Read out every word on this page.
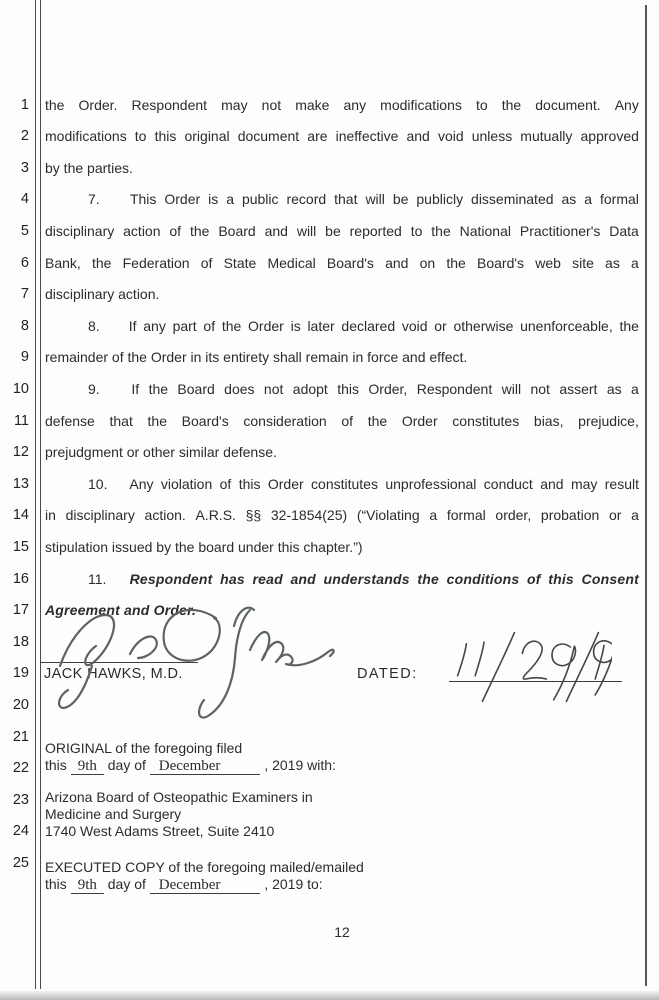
1
2
3
4
5
6
7
8
9
10
11
12
13
14
15
16
17
18
19
20
21
22
23
24
25
the Order. Respondent may not make any modifications to the document. Any
modifications to this original document are ineffective and void unless mutually approved
by the parties.
7.	This Order is a public record that will be publicly disseminated as a formal
disciplinary action of the Board and will be reported to the National Practitioner's Data
Bank, the Federation of State Medical Board's and on the Board's web site as a
disciplinary action.
8.	If any part of the Order is later declared void or otherwise unenforceable, the
remainder of the Order in its entirety shall remain in force and effect.
9.	If the Board does not adopt this Order, Respondent will not assert as a
defense that the Board's consideration of the Order constitutes bias, prejudice,
prejudgment or other similar defense.
10.	Any violation of this Order constitutes unprofessional conduct and may result
in disciplinary action. A.R.S. §§ 32-1854(25) (“Violating a formal order, probation or a
stipulation issued by the board under this chapter.”)
11.	Respondent has read and understands the conditions of this Consent
Agreement and Order.
JACK HAWKS, M.D.	DATED:
ORIGINAL of the foregoing filed
this 9th day of December	, 2019 with:
Arizona Board of Osteopathic Examiners in
Medicine and Surgery
1740 West Adams Street, Suite 2410
EXECUTED COPY of the foregoing mailed/emailed
this 9th day of December	, 2019 to:
12
